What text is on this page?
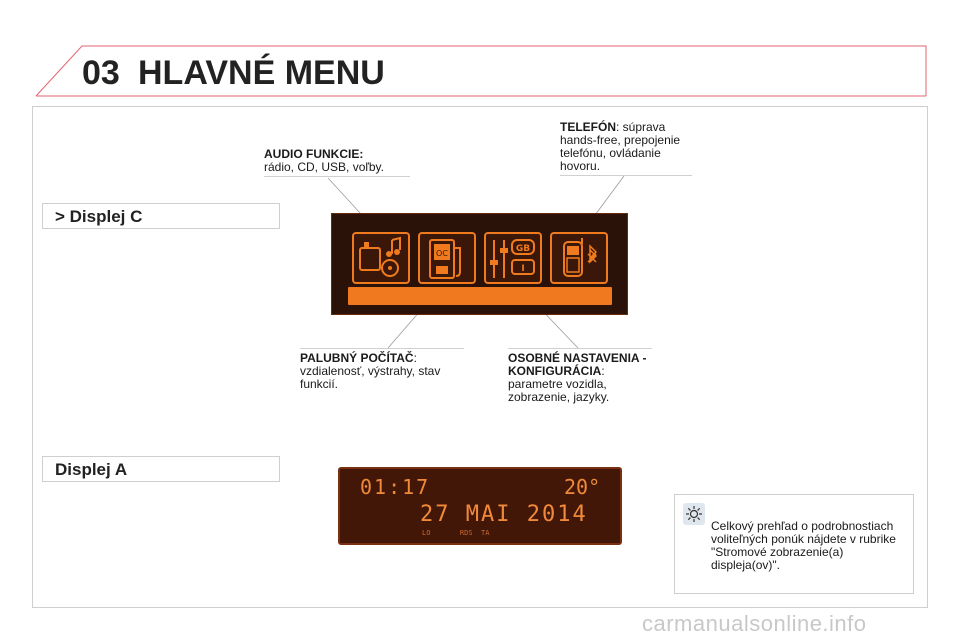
03 HLAVNÉ MENU
> Displej C
Displej A
AUDIO FUNKCIE:
rádio, CD, USB, voľby.
TELEFÓN: súprava hands-free, prepojenie telefónu, ovládanie hovoru.
PALUBNÝ POČÍTAČ: vzdialenosť, výstrahy, stav funkcií.
OSOBNÉ NASTAVENIA - KONFIGURÁCIA: parametre vozidla, zobrazenie, jazyky.
OC	GB
I
01:17	20°
27 MAI 2014
LO       RDS  TA	Celkový prehľad o podrobnostiach voliteľných ponúk nájdete v rubrike "Stromové zobrazenie(a) displeja(ov)".
carmanualsonline.info
